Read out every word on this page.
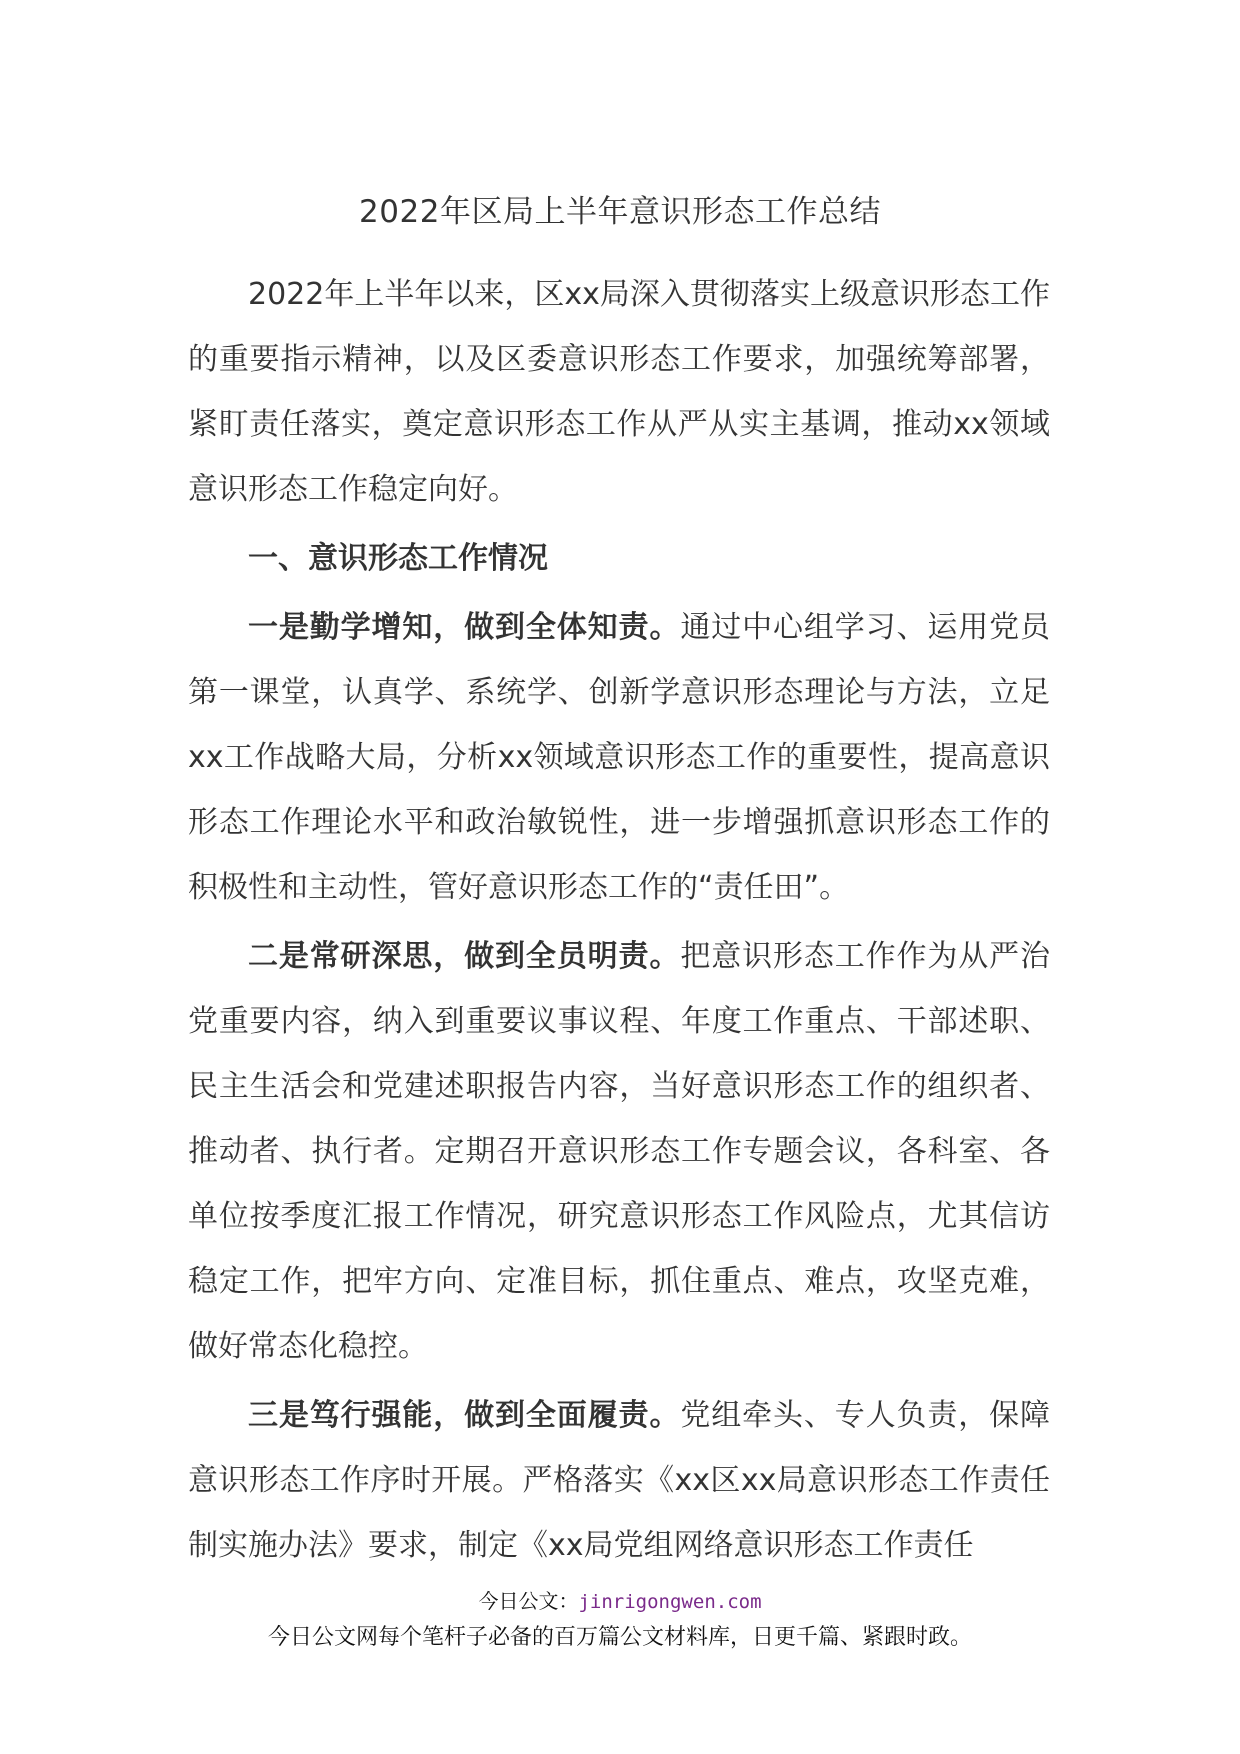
2022年区局上半年意识形态工作总结

2022年上半年以来，区xx局深入贯彻落实上级意识形态工作的重要指示精神，以及区委意识形态工作要求，加强统筹部署，紧盯责任落实，奠定意识形态工作从严从实主基调，推动xx领域意识形态工作稳定向好。

一、意识形态工作情况

一是勤学增知，做到全体知责。通过中心组学习、运用党员第一课堂，认真学、系统学、创新学意识形态理论与方法，立足xx工作战略大局，分析xx领域意识形态工作的重要性，提高意识形态工作理论水平和政治敏锐性，进一步增强抓意识形态工作的积极性和主动性，管好意识形态工作的“责任田”。

二是常研深思，做到全员明责。把意识形态工作作为从严治党重要内容，纳入到重要议事议程、年度工作重点、干部述职、民主生活会和党建述职报告内容，当好意识形态工作的组织者、推动者、执行者。定期召开意识形态工作专题会议，各科室、各单位按季度汇报工作情况，研究意识形态工作风险点，尤其信访稳定工作，把牢方向、定准目标，抓住重点、难点，攻坚克难，做好常态化稳控。

三是笃行强能，做到全面履责。党组牵头、专人负责，保障意识形态工作序时开展。严格落实《xx区xx局意识形态工作责任制实施办法》要求，制定《xx局党组网络意识形态工作责任

今日公文：jinrigongwen.com
今日公文网每个笔杆子必备的百万篇公文材料库，日更千篇、紧跟时政。
